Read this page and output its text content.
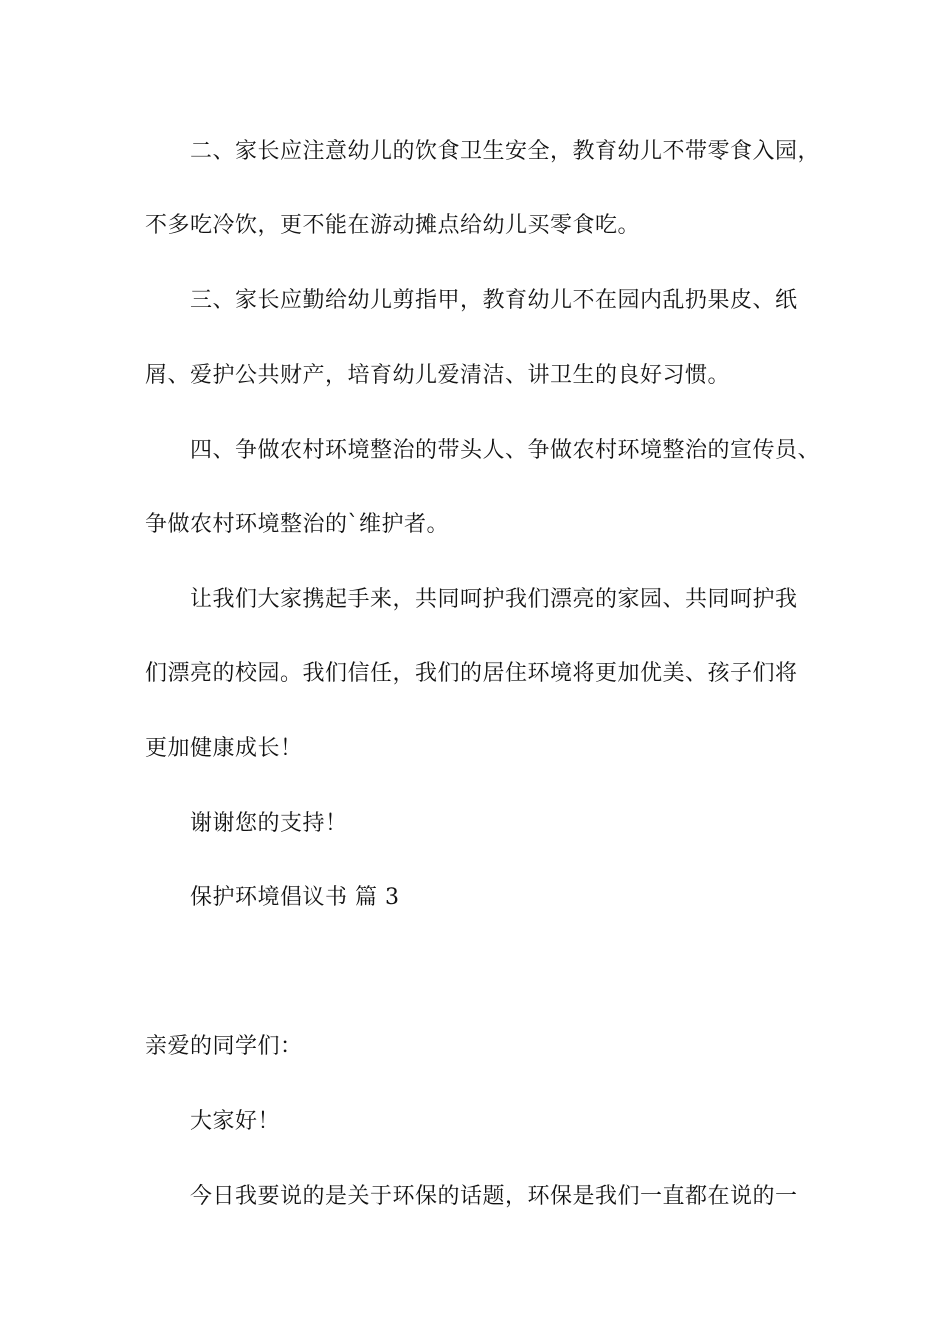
二、家长应注意幼儿的饮食卫生安全，教育幼儿不带零食入园，
不多吃冷饮，更不能在游动摊点给幼儿买零食吃。
三、家长应勤给幼儿剪指甲，教育幼儿不在园内乱扔果皮、纸
屑、爱护公共财产，培育幼儿爱清洁、讲卫生的良好习惯。
四、争做农村环境整治的带头人、争做农村环境整治的宣传员、
争做农村环境整治的`维护者。
让我们大家携起手来，共同呵护我们漂亮的家园、共同呵护我
们漂亮的校园。我们信任，我们的居住环境将更加优美、孩子们将
更加健康成长！
谢谢您的支持！
保护环境倡议书 篇 3
亲爱的同学们：
大家好！
今日我要说的是关于环保的话题，环保是我们一直都在说的一
